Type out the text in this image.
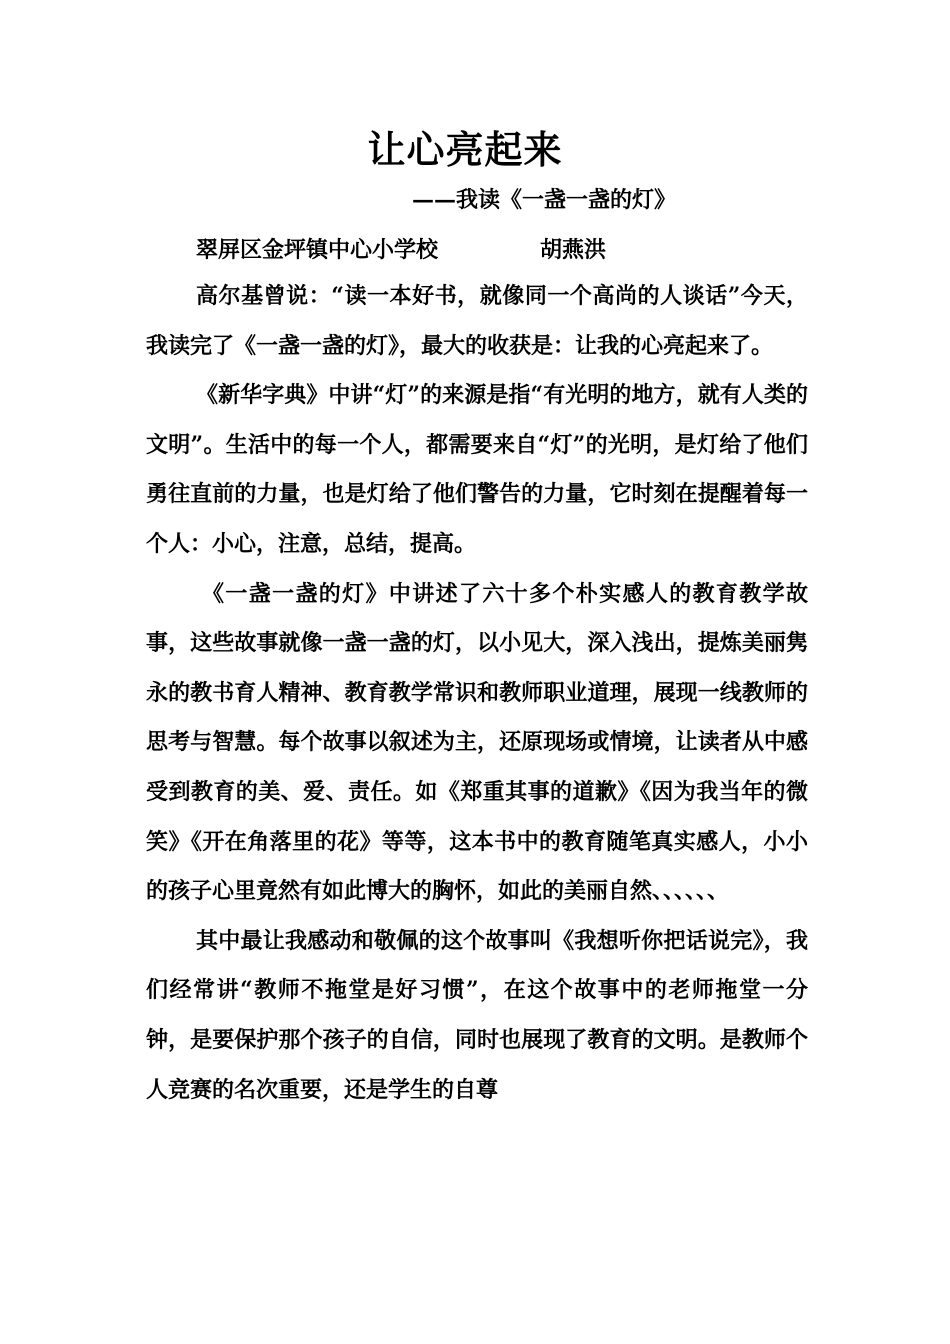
让心亮起来
——我读《一盏一盏的灯》
翠屏区金坪镇中心小学校	胡燕洪

高尔基曾说：“读一本好书，就像同一个高尚的人谈话”今天，我读完了《一盏一盏的灯》，最大的收获是：让我的心亮起来了。

《新华字典》中讲“灯”的来源是指“有光明的地方，就有人类的文明”。生活中的每一个人，都需要来自“灯”的光明，是灯给了他们勇往直前的力量，也是灯给了他们警告的力量，它时刻在提醒着每一个人：小心，注意，总结，提高。

《一盏一盏的灯》中讲述了六十多个朴实感人的教育教学故事，这些故事就像一盏一盏的灯，以小见大，深入浅出，提炼美丽隽永的教书育人精神、教育教学常识和教师职业道理，展现一线教师的思考与智慧。每个故事以叙述为主，还原现场或情境，让读者从中感受到教育的美、爱、责任。如《郑重其事的道歉》《因为我当年的微笑》《开在角落里的花》等等，这本书中的教育随笔真实感人，小小的孩子心里竟然有如此博大的胸怀，如此的美丽自然、、、、、、

其中最让我感动和敬佩的这个故事叫《我想听你把话说完》，我们经常讲“教师不拖堂是好习惯”，在这个故事中的老师拖堂一分钟，是要保护那个孩子的自信，同时也展现了教育的文明。是教师个人竞赛的名次重要，还是学生的自尊
